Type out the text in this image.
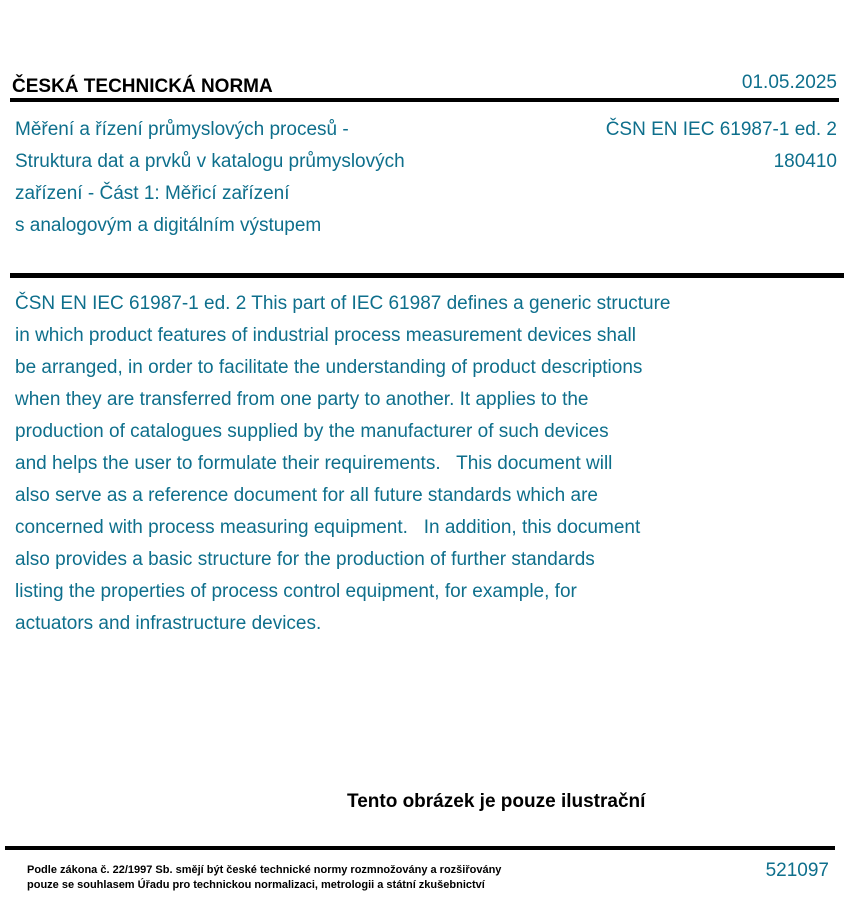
ČESKÁ TECHNICKÁ NORMA	01.05.2025
Měření a řízení průmyslových procesů -
Struktura dat a prvků v katalogu průmyslových
zařízení - Část 1: Měřicí zařízení
s analogovým a digitálním výstupem
ČSN EN IEC 61987-1 ed. 2
180410
ČSN EN IEC 61987-1 ed. 2 This part of IEC 61987 defines a generic structure
in which product features of industrial process measurement devices shall
be arranged, in order to facilitate the understanding of product descriptions
when they are transferred from one party to another. It applies to the
production of catalogues supplied by the manufacturer of such devices
and helps the user to formulate their requirements.   This document will
also serve as a reference document for all future standards which are
concerned with process measuring equipment.   In addition, this document
also provides a basic structure for the production of further standards
listing the properties of process control equipment, for example, for
actuators and infrastructure devices.
Tento obrázek je pouze ilustrační
Podle zákona č. 22/1997 Sb. smějí být české technické normy rozmnožovány a rozšiřovány
pouze se souhlasem Úřadu pro technickou normalizaci, metrologii a státní zkušebnictví
521097
